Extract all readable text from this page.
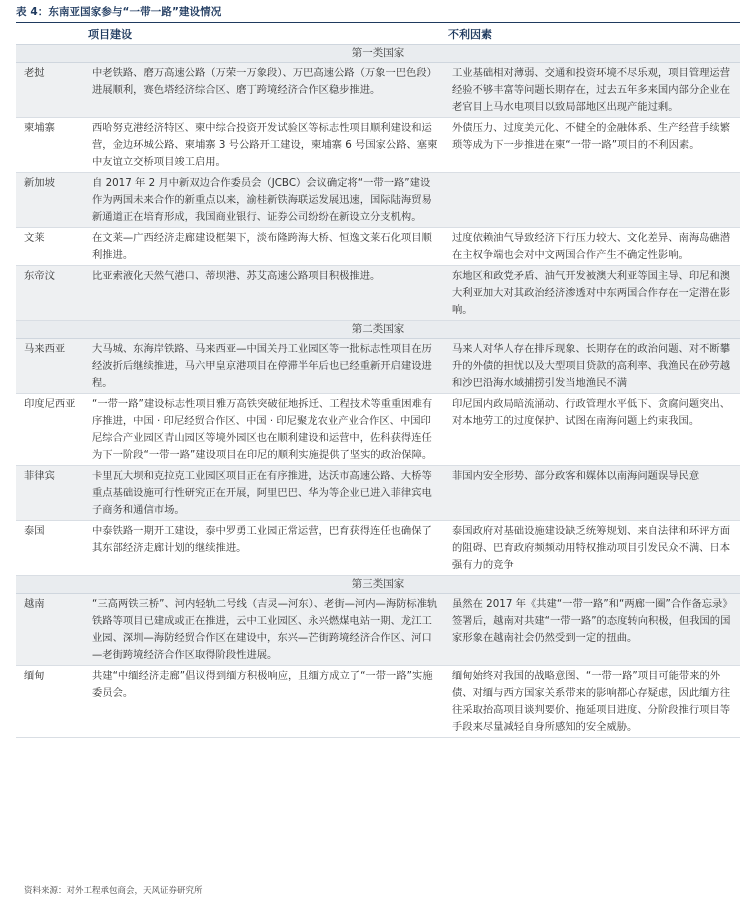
表 4：东南亚国家参与“一带一路”建设情况
	项目建设	不利因素
第一类国家		
老挝	中老铁路、磨万高速公路（万荣一万象段）、万巴高速公路（万象一巴色段）进展顺利，赛色塔经济综合区、磨丁跨境经济合作区稳步推进。	工业基础相对薄弱、交通和投资环境不尽乐观，项目管理运营经验不够丰富等问题长期存在，过去五年多来国内部分企业在老官目上马水电项目以致局部地区出现产能过剩。
柬埔寨	西哈努克港经济特区、柬中综合投资开发试验区等标志性项目顺利建设和运营，金边环城公路、柬埔寨 3 号公路开工建设，柬埔寨 6 号国家公路、塞柬中友谊立交桥项目竣工启用。	外债压力、过度美元化、不健全的金融体系、生产经营手续繁琐等成为下一步推进在柬“一带一路”项目的不利因素。
新加坡	自 2017 年 2 月中新双边合作委员会（JCBC）会议确定将“一带一路”建设作为两国未来合作的新重点以来，渝桂新铁海联运发展迅速，国际陆海贸易新通道正在培育形成，我国商业银行、证券公司纷纷在新设立分支机构。	
文莱	在文莱—广西经济走廊建设框架下，淡布隆跨海大桥、恒逸文莱石化项目顺利推进。	过度依赖油气导致经济下行压力较大、文化差异、南海岛礁潜在主权争端也会对中文两国合作产生不确定性影响。
东帝汶	比亚索液化天然气港口、蒂坝港、苏艾高速公路项目积极推进。	东地区和政党矛盾、油气开发被澳大利亚等国主导、印尼和澳大利亚加大对其政治经济渗透对中东两国合作存在一定潜在影响。
第二类国家		
马来西亚	大马城、东海岸铁路、马来西亚—中国关丹工业园区等一批标志性项目在历经波折后继续推进，马六甲皇京港项目在停滞半年后也已经重新开启建设进程。	马来人对华人存在排斥现象、长期存在的政治问题、对不断攀升的外债的担忧以及大型项目贷款的高利率、我渔民在砂劳越和沙巴沿海水域捕捞引发当地渔民不满
印度尼西亚	“一带一路”建设标志性项目雅万高铁突破征地拆迁、工程技术等重重困难有序推进，中国 · 印尼经贸合作区、中国 · 印尼聚龙农业产业合作区、中国印尼综合产业园区青山园区等境外园区也在顺利建设和运营中，佐科获得连任为下一阶段“一带一路”建设项目在印尼的顺利实施提供了坚实的政治保障。	印尼国内政局暗流涌动、行政管理水平低下、贪腐问题突出、对本地劳工的过度保护、试图在南海问题上约束我国。
菲律宾	卡里瓦大坝和克拉克工业园区项目正在有序推进，达沃市高速公路、大桥等重点基础设施可行性研究正在开展，阿里巴巴、华为等企业已进入菲律宾电子商务和通信市场。	菲国内安全形势、部分政客和媒体以南海问题误导民意
泰国	中泰铁路一期开工建设，泰中罗勇工业园正常运营，巴育获得连任也确保了其东部经济走廊计划的继续推进。	泰国政府对基础设施建设缺乏统筹规划、来自法律和环评方面的阻碍、巴育政府频频动用特权推动项目引发民众不满、日本强有力的竞争
第三类国家		
越南	“三高两铁三桥”、河内轻轨二号线（吉灵—河东）、老街—河内—海防标准轨铁路等项目已建成或正在推进，云中工业园区、永兴燃煤电站一期、龙江工业园、深圳—海防经贸合作区在建设中，东兴—芒街跨境经济合作区、河口—老街跨境经济合作区取得阶段性进展。	虽然在 2017 年《共建“一带一路”和“两廊一圈”合作备忘录》签署后，越南对共建“一带一路”的态度转向积极，但我国的国家形象在越南社会仍然受到一定的扭曲。
缅甸	共建“中缅经济走廊”倡议得到缅方积极响应，且缅方成立了“一带一路”实施委员会。	缅甸始终对我国的战略意图、“一带一路”项目可能带来的外债、对缅与西方国家关系带来的影响都心存疑虑，因此缅方往往采取抬高项目谈判要价、拖延项目进度、分阶段推行项目等手段来尽量减轻自身所感知的安全威胁。
资料来源：对外工程承包商会，天风证券研究所
